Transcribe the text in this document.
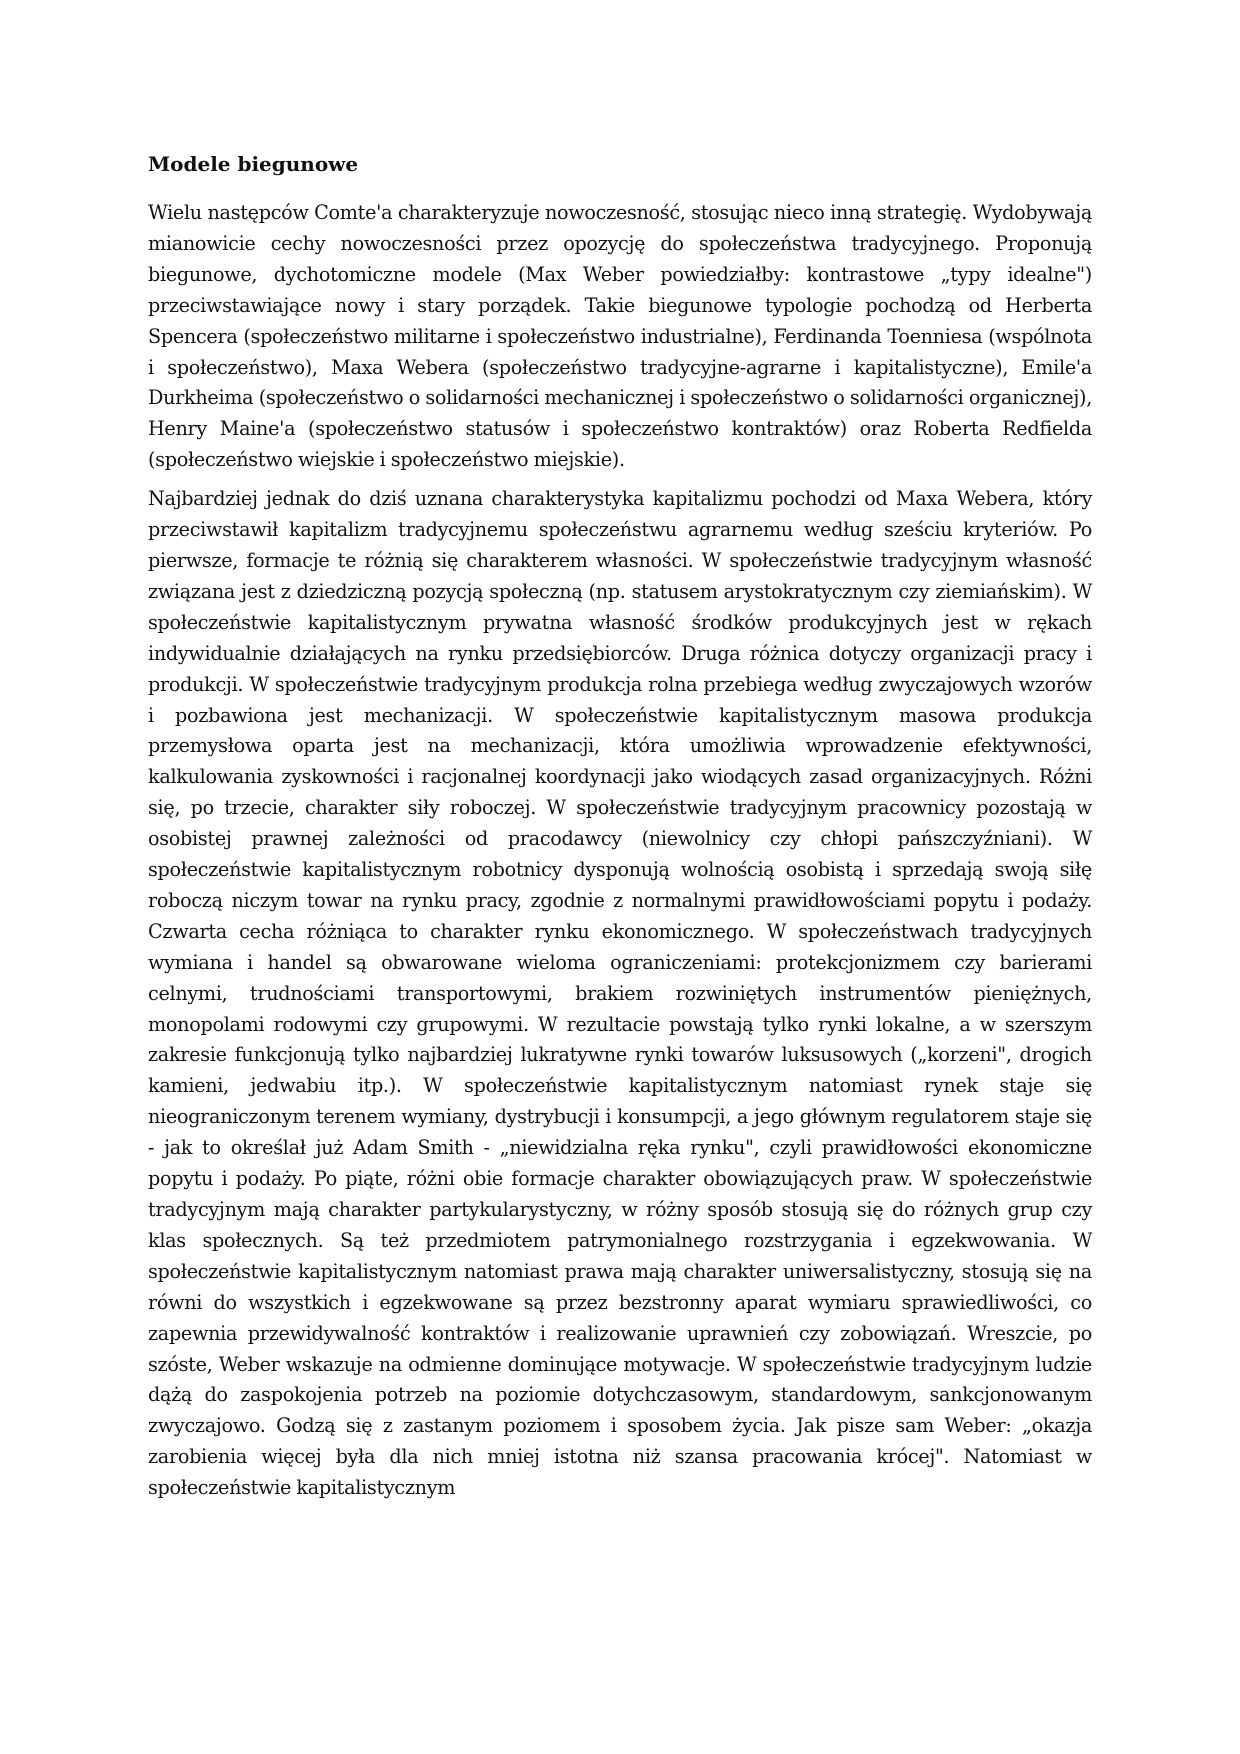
Modele biegunowe

Wielu następców Comte'a charakteryzuje nowoczesność, stosując nieco inną strategię. Wydobywają mianowicie cechy nowoczesności przez opozycję do społeczeństwa tradycyjnego. Proponują biegunowe, dychotomiczne modele (Max Weber powiedziałby: kontrastowe „typy idealne") przeciwstawiające nowy i stary porządek. Takie biegunowe typologie pochodzą od Herberta Spencera (społeczeństwo militarne i społeczeństwo industrialne), Ferdinanda Toenniesa (wspólnota i społeczeństwo), Maxa Webera (społeczeństwo tradycyjne-agrarne i kapitalistyczne), Emile'a Durkheima (społeczeństwo o solidarności mechanicznej i społeczeństwo o solidarności organicznej), Henry Maine'a (społeczeństwo statusów i społeczeństwo kontraktów) oraz Roberta Redfielda (społeczeństwo wiejskie i społeczeństwo miejskie).

Najbardziej jednak do dziś uznana charakterystyka kapitalizmu pochodzi od Maxa Webera, który przeciwstawił kapitalizm tradycyjnemu społeczeństwu agrarnemu według sześciu kryteriów. Po pierwsze, formacje te różnią się charakterem własności. W społeczeństwie tradycyjnym własność związana jest z dziedziczną pozycją społeczną (np. statusem arystokratycznym czy ziemiańskim). W społeczeństwie kapitalistycznym prywatna własność środków produkcyjnych jest w rękach indywidualnie działających na rynku przedsiębiorców. Druga różnica dotyczy organizacji pracy i produkcji. W społeczeństwie tradycyjnym produkcja rolna przebiega według zwyczajowych wzorów i pozbawiona jest mechanizacji. W społeczeństwie kapitalistycznym masowa produkcja przemysłowa oparta jest na mechanizacji, która umożliwia wprowadzenie efektywności, kalkulowania zyskowności i racjonalnej koordynacji jako wiodących zasad organizacyjnych. Różni się, po trzecie, charakter siły roboczej. W społeczeństwie tradycyjnym pracownicy pozostają w osobistej prawnej zależności od pracodawcy (niewolnicy czy chłopi pańszczyźniani). W społeczeństwie kapitalistycznym robotnicy dysponują wolnością osobistą i sprzedają swoją siłę roboczą niczym towar na rynku pracy, zgodnie z normalnymi prawidłowościami popytu i podaży. Czwarta cecha różniąca to charakter rynku ekonomicznego. W społeczeństwach tradycyjnych wymiana i handel są obwarowane wieloma ograniczeniami: protekcjonizmem czy barierami celnymi, trudnościami transportowymi, brakiem rozwiniętych instrumentów pieniężnych, monopolami rodowymi czy grupowymi. W rezultacie powstają tylko rynki lokalne, a w szerszym zakresie funkcjonują tylko najbardziej lukratywne rynki towarów luksusowych („korzeni", drogich kamieni, jedwabiu itp.). W społeczeństwie kapitalistycznym natomiast rynek staje się nieograniczonym terenem wymiany, dystrybucji i konsumpcji, a jego głównym regulatorem staje się - jak to określał już Adam Smith - „niewidzialna ręka rynku", czyli prawidłowości ekonomiczne popytu i podaży. Po piąte, różni obie formacje charakter obowiązujących praw. W społeczeństwie tradycyjnym mają charakter partykularystyczny, w różny sposób stosują się do różnych grup czy klas społecznych. Są też przedmiotem patrymonialnego rozstrzygania i egzekwowania. W społeczeństwie kapitalistycznym natomiast prawa mają charakter uniwersalistyczny, stosują się na równi do wszystkich i egzekwowane są przez bezstronny aparat wymiaru sprawiedliwości, co zapewnia przewidywalność kontraktów i realizowanie uprawnień czy zobowiązań. Wreszcie, po szóste, Weber wskazuje na odmienne dominujące motywacje. W społeczeństwie tradycyjnym ludzie dążą do zaspokojenia potrzeb na poziomie dotychczasowym, standardowym, sankcjonowanym zwyczajowo. Godzą się z zastanym poziomem i sposobem życia. Jak pisze sam Weber: „okazja zarobienia więcej była dla nich mniej istotna niż szansa pracowania krócej". Natomiast w społeczeństwie kapitalistycznym
